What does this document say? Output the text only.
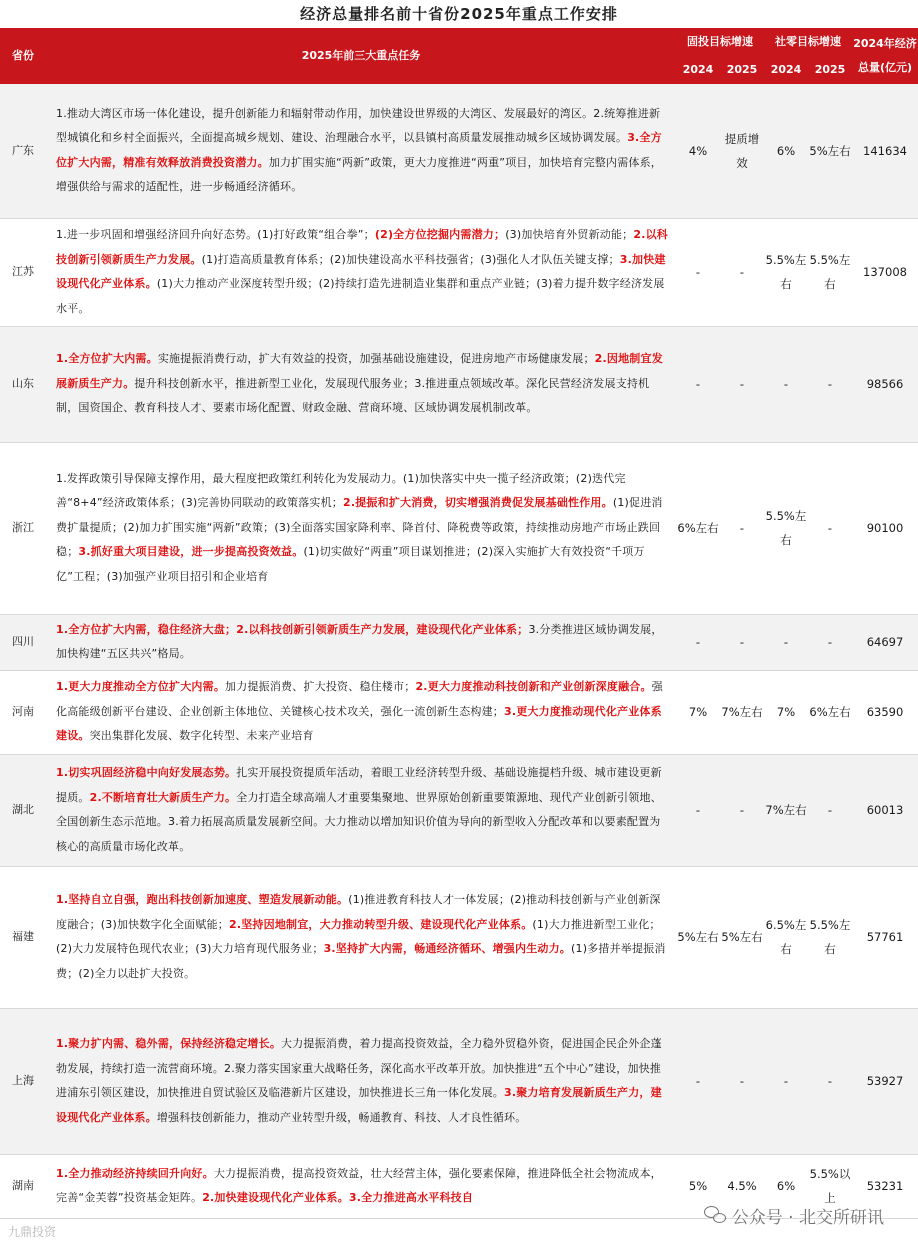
经济总量排名前十省份2025年重点工作安排
省份	2025年前三大重点任务	固投目标增速		社零目标增速		2024年经济总量(亿元)
		2024	2025	2024	2025	
广东	1.推动大湾区市场一体化建设，提升创新能力和辐射带动作用，加快建设世界级的大湾区、发展最好的湾区。2.统筹推进新型城镇化和乡村全面振兴，全面提高城乡规划、建设、治理融合水平，以县镇村高质量发展推动城乡区域协调发展。3.全方位扩大内需，精准有效释放消费投资潜力。加力扩围实施“两新”政策，更大力度推进“两重”项目，加快培育完整内需体系，增强供给与需求的适配性，进一步畅通经济循环。	4%	提质增效	6%	5%左右	141634
江苏	1.进一步巩固和增强经济回升向好态势。(1)打好政策“组合拳”；(2)全方位挖掘内需潜力；(3)加快培育外贸新动能；2.以科技创新引领新质生产力发展。(1)打造高质量教育体系；(2)加快建设高水平科技强省；(3)强化人才队伍关键支撑；3.加快建设现代化产业体系。(1)大力推动产业深度转型升级；(2)持续打造先进制造业集群和重点产业链；(3)着力提升数字经济发展水平。	-	-	5.5%左右	5.5%左右	137008
山东	1.全方位扩大内需。实施提振消费行动，扩大有效益的投资，加强基础设施建设，促进房地产市场健康发展；2.因地制宜发展新质生产力。提升科技创新水平，推进新型工业化，发展现代服务业；3.推进重点领域改革。深化民营经济发展支持机制，国资国企、教育科技人才、要素市场化配置、财政金融、营商环境、区域协调发展机制改革。	-	-	-	-	98566
浙江	1.发挥政策引导保障支撑作用，最大程度把政策红利转化为发展动力。(1)加快落实中央一揽子经济政策；(2)迭代完善“8+4”经济政策体系；(3)完善协同联动的政策落实机；2.提振和扩大消费，切实增强消费促发展基础性作用。(1)促进消费扩量提质；(2)加力扩围实施“两新”政策；(3)全面落实国家降利率、降首付、降税费等政策，持续推动房地产市场止跌回稳；3.抓好重大项目建设，进一步提高投资效益。(1)切实做好“两重”项目谋划推进；(2)深入实施扩大有效投资“千项万亿”工程；(3)加强产业项目招引和企业培育	6%左右	-	5.5%左右	-	90100
四川	1.全方位扩大内需，稳住经济大盘；2.以科技创新引领新质生产力发展，建设现代化产业体系；3.分类推进区域协调发展，加快构建“五区共兴”格局。	-	-	-	-	64697
河南	1.更大力度推动全方位扩大内需。加力提振消费、扩大投资、稳住楼市；2.更大力度推动科技创新和产业创新深度融合。强化高能级创新平台建设、企业创新主体地位、关键核心技术攻关，强化一流创新生态构建；3.更大力度推动现代化产业体系建设。突出集群化发展、数字化转型、未来产业培育	7%	7%左右	7%	6%左右	63590
湖北	1.切实巩固经济稳中向好发展态势。扎实开展投资提质年活动，着眼工业经济转型升级、基础设施提档升级、城市建设更新提质。2.不断培育壮大新质生产力。全力打造全球高端人才重要集聚地、世界原始创新重要策源地、现代产业创新引领地、全国创新生态示范地。3.着力拓展高质量发展新空间。大力推动以增加知识价值为导向的新型收入分配改革和以要素配置为核心的高质量市场化改革。	-	-	7%左右	-	60013
福建	1.坚持自立自强，跑出科技创新加速度、塑造发展新动能。(1)推进教育科技人才一体发展；(2)推动科技创新与产业创新深度融合；(3)加快数字化全面赋能；2.坚持因地制宜，大力推动转型升级、建设现代化产业体系。(1)大力推进新型工业化；(2)大力发展特色现代农业；(3)大力培育现代服务业；3.坚持扩大内需，畅通经济循环、增强内生动力。(1)多措并举提振消费；(2)全力以赴扩大投资。	5%左右	5%左右	6.5%左右	5.5%左右	57761
上海	1.聚力扩内需、稳外需，保持经济稳定增长。大力提振消费，着力提高投资效益，全力稳外贸稳外资，促进国企民企外企蓬勃发展，持续打造一流营商环境。2.聚力落实国家重大战略任务，深化高水平改革开放。加快推进“五个中心”建设，加快推进浦东引领区建设，加快推进自贸试验区及临港新片区建设，加快推进长三角一体化发展。3.聚力培育发展新质生产力，建设现代化产业体系。增强科技创新能力，推动产业转型升级，畅通教育、科技、人才良性循环。	-	-	-	-	53927
湖南	1.全力推动经济持续回升向好。大力提振消费，提高投资效益，壮大经营主体，强化要素保障，推进降低全社会物流成本，完善“金芙蓉”投资基金矩阵。2.加快建设现代化产业体系。3.全力推进高水平科技自	5%	4.5%	6%	5.5%以上	53231
九鼎投资
公众号 · 北交所研讯
